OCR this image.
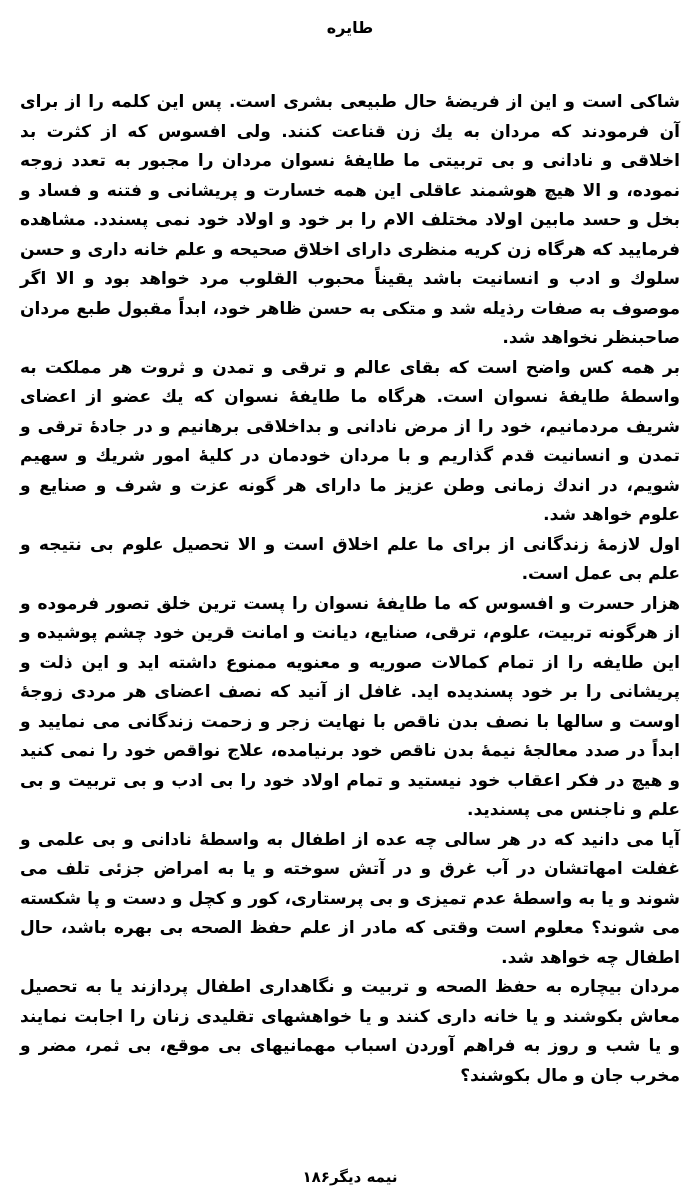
طایره

شاکی است و این از فریضهٔ حال طبیعی بشری است. پس این کلمه را از برای آن فرمودند که مردان به یك زن قناعت کنند. ولی افسوس که از کثرت بد اخلاقی و نادانی و بی تربیتی ما طایفهٔ نسوان مردان را مجبور به تعدد زوجه نموده، و الا هیچ هوشمند عاقلی این همه خسارت و پریشانی و فتنه و فساد و بخل و حسد مابین اولاد مختلف الام را بر خود و اولاد خود نمی پسندد. مشاهده فرمایید که هرگاه زن کریه منظری دارای اخلاق صحیحه و علم خانه داری و حسن سلوك و ادب و انسانیت باشد یقیناً محبوب القلوب مرد خواهد بود و الا اگر موصوف به صفات رذیله شد و متکی به حسن ظاهر خود، ابداً مقبول طبع مردان صاحبنظر نخواهد شد.

بر همه کس واضح است که بقای عالم و ترقی و تمدن و ثروت هر مملکت به واسطهٔ طایفهٔ نسوان است. هرگاه ما طایفهٔ نسوان که یك عضو از اعضای شریف مردمانیم، خود را از مرض نادانی و بداخلاقی برهانیم و در جادهٔ ترقی و تمدن و انسانیت قدم گذاریم و با مردان خودمان در کلیهٔ امور شریك و سهیم شویم، در اندك زمانی وطن عزیز ما دارای هر گونه عزت و شرف و صنایع و علوم خواهد شد.

اول لازمهٔ زندگانی از برای ما علم اخلاق است و الا تحصیل علوم بی نتیجه و علم بی عمل است.

هزار حسرت و افسوس که ما طایفهٔ نسوان را پست ترین خلق تصور فرموده و از هرگونه تربیت، علوم، ترقی، صنایع، دیانت و امانت قرین خود چشم پوشیده و این طایفه را از تمام کمالات صوریه و معنویه ممنوع داشته اید و این ذلت و پریشانی را بر خود پسندیده اید. غافل از آنید که نصف اعضای هر مردی زوجهٔ اوست و سالها با نصف بدن ناقص با نهایت زجر و زحمت زندگانی می نمایید و ابداً در صدد معالجهٔ نیمهٔ بدن ناقص خود برنیامده، علاج نواقص خود را نمی کنید و هیچ در فکر اعقاب خود نیستید و تمام اولاد خود را بی ادب و بی تربیت و بی علم و ناجنس می پسندید.

آیا می دانید که در هر سالی چه عده از اطفال به واسطهٔ نادانی و بی علمی و غفلت امهاتشان در آب غرق و در آتش سوخته و یا به امراض جزئی تلف می شوند و یا به واسطهٔ عدم تمیزی و بی پرستاری، کور و کچل و دست و پا شکسته می شوند؟ معلوم است وقتی که مادر از علم حفظ الصحه بی بهره باشد، حال اطفال چه خواهد شد.

مردان بیچاره به حفظ الصحه و تربیت و نگاهداری اطفال پردازند یا به تحصیل معاش بکوشند و یا خانه داری کنند و یا خواهشهای تقلیدی زنان را اجابت نمایند و یا شب و روز به فراهم آوردن اسباب مهمانیهای بی موقع، بی ثمر، مضر و مخرب جان و مال بکوشند؟

نیمه دیگر۱۸۶
